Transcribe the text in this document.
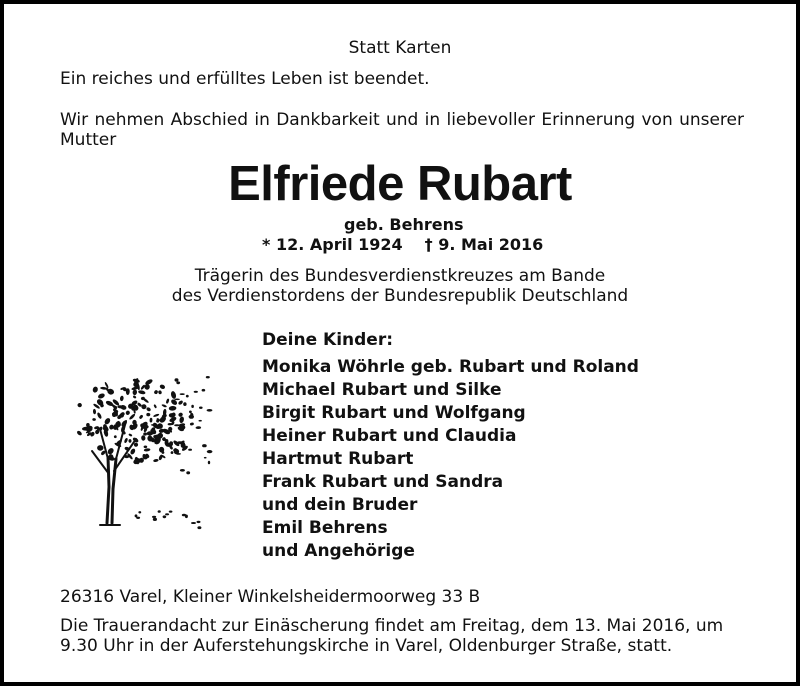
Statt Karten

Ein reiches und erfülltes Leben ist beendet.

Wir nehmen Abschied in Dankbarkeit und in liebevoller Erinnerung von unserer Mutter

Elfriede Rubart

geb. Behrens

* 12. April 1924 † 9. Mai 2016

Trägerin des Bundesverdienstkreuzes am Bande
des Verdienstordens der Bundesrepublik Deutschland

Deine Kinder:

Monika Wöhrle geb. Rubart und Roland
Michael Rubart und Silke
Birgit Rubart und Wolfgang
Heiner Rubart und Claudia
Hartmut Rubart
Frank Rubart und Sandra
und dein Bruder
Emil Behrens
und Angehörige

26316 Varel, Kleiner Winkelsheidermoorweg 33 B

Die Trauerandacht zur Einäscherung findet am Freitag, dem 13. Mai 2016, um 9.30 Uhr in der Auferstehungskirche in Varel, Oldenburger Straße, statt.
